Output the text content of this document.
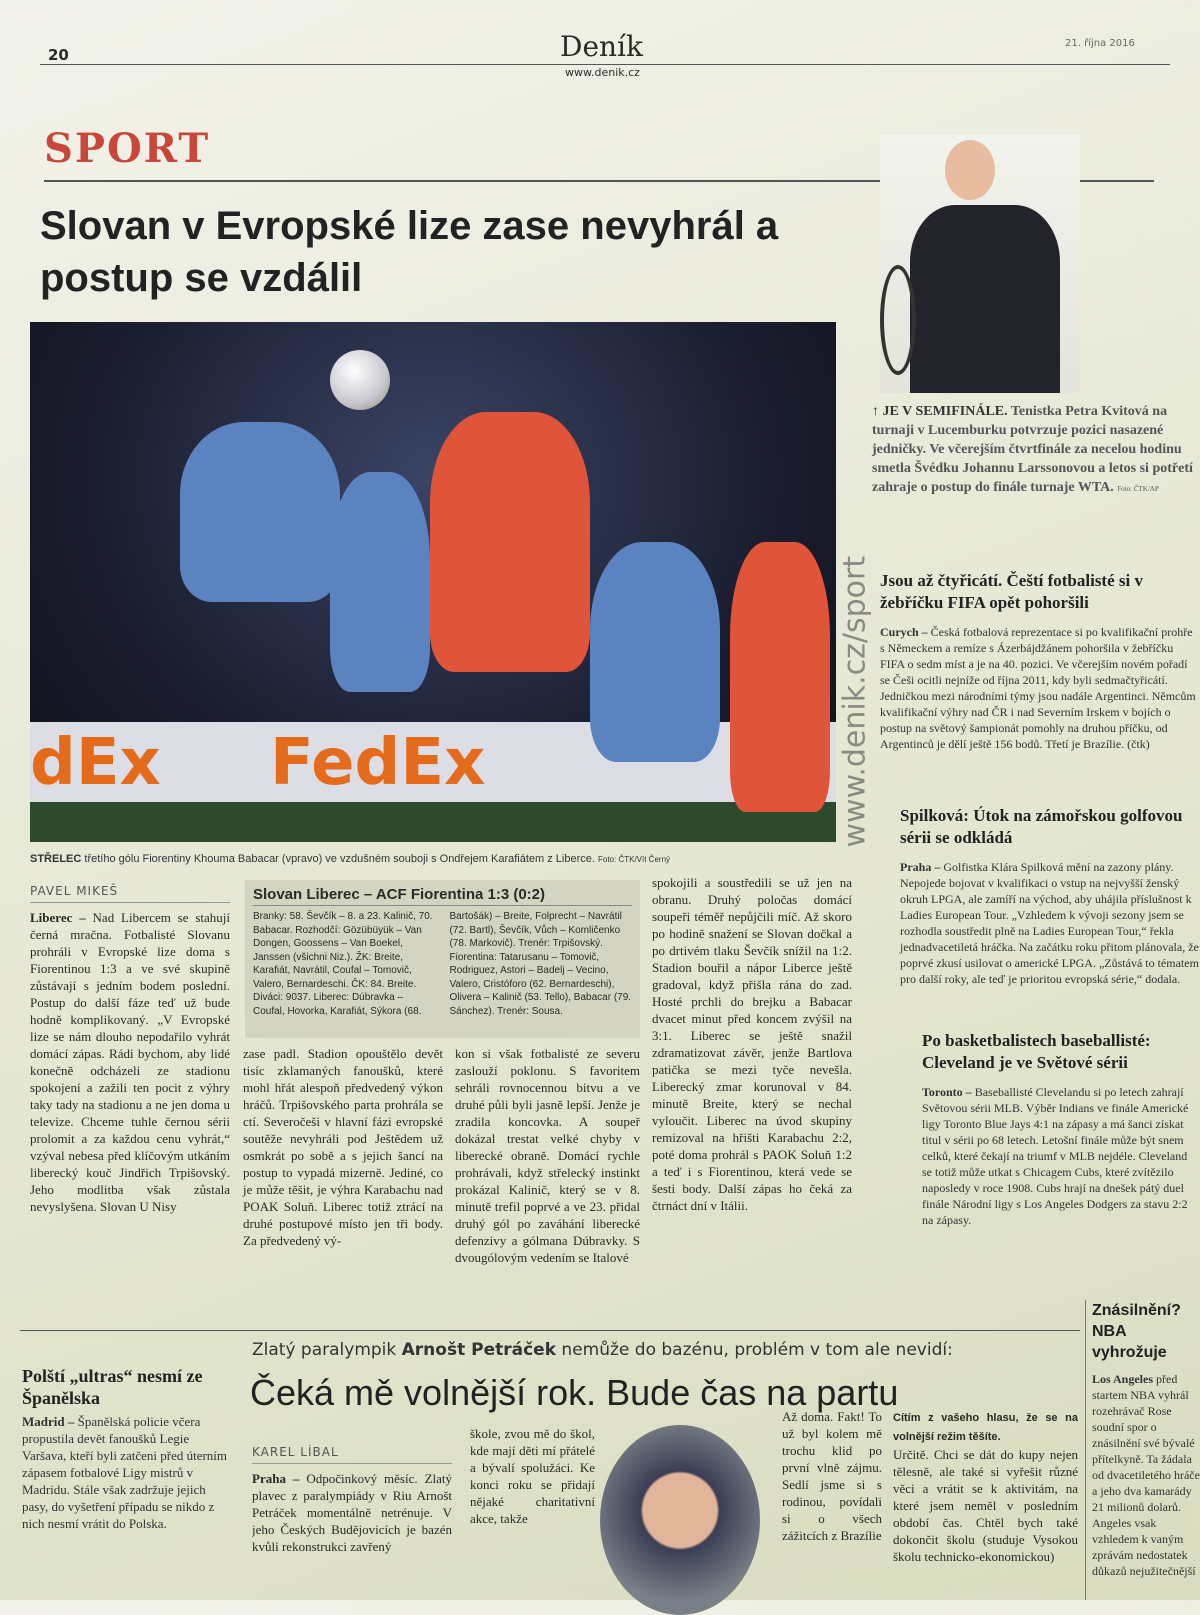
20	Deník
www.denik.cz
21. října 2016
SPORT
Slovan v Evropské lize zase nevyhrál a postup se vzdálil
dEx FedEx
STŘELEC třetího gólu Fiorentiny Khouma Babacar (vpravo) ve vzdušném souboji s Ondřejem Karafiátem z Liberce. Foto: ČTK/Vít Černý
PAVEL MIKEŠ
Liberec – Nad Libercem se stahují černá mračna. Fotbalisté Slovanu prohráli v Evropské lize doma s Fiorentinou 1:3 a ve své skupině zůstávají s jedním bodem poslední. Postup do další fáze teď už bude hodně komplikovaný. „V Evropské lize se nám dlouho nepodařilo vyhrát domácí zápas. Rádi bychom, aby lidé konečně odcházeli ze stadionu spokojení a zažili ten pocit z výhry taky tady na stadionu a ne jen doma u televize. Chceme tuhle černou sérii prolomit a za každou cenu vyhrát,“ vzýval nebesa před klíčovým utkáním liberecký kouč Jindřich Trpišovský. Jeho modlitba však zůstala nevyslyšena. Slovan U Nisy
Slovan Liberec – ACF Fiorentina 1:3 (0:2)
Branky: 58. Ševčík – 8. a 23. Kalinič, 70. Babacar. Rozhodčí: Gözübüyük – Van Dongen, Goossens – Van Boekel, Janssen (všichni Niz.). ŽK: Breite, Karafiát, Navrátil, Coufal – Tomovič, Valero, Bernardeschi. ČK: 84. Breite. Diváci: 9037. Liberec: Dúbravka – Coufal, Hovorka, Karafiát, Sýkora (68. Bartošák) – Breite, Folprecht – Navrátil (72. Bartl), Ševčík, Vůch – Komličenko (78. Markovič). Trenér: Trpišovský. Fiorentina: Tatarusanu – Tomovič, Rodriguez, Astori – Badelj – Vecino, Valero, Cristóforo (62. Bernardeschi), Olivera – Kalinič (53. Tello), Babacar (79. Sánchez). Trenér: Sousa.
zase padl. Stadion opouštělo devět tisíc zklamaných fanoušků, které mohl hřát alespoň předvedený výkon hráčů. Trpišovského parta prohrála se ctí. Severočeši v hlavní fázi evropské soutěže nevyhráli pod Ještědem už osmkrát po sobě a s jejich šancí na postup to vypadá mizerně. Jediné, co je může těšit, je výhra Karabachu nad POAK Soluň. Liberec totiž ztrácí na druhé postupové místo jen tři body. Za předvedený vý-
kon si však fotbalisté ze severu zaslouží poklonu. S favoritem sehráli rovnocennou bitvu a ve druhé půli byli jasně lepší. Jenže je zradila koncovka. A soupeř dokázal trestat velké chyby v liberecké obraně. Domácí rychle prohrávali, když střelecký instinkt prokázal Kalinič, který se v 8. minutě trefil poprvé a ve 23. přidal druhý gól po zaváhání liberecké defenzivy a gólmana Dúbravky. S dvougólovým vedením se Italové
spokojili a soustředili se už jen na obranu. Druhý poločas domácí soupeři téměř nepůjčili míč. Až skoro po hodině snažení se Slovan dočkal a po drtivém tlaku Ševčík snížil na 1:2. Stadion bouřil a nápor Liberce ještě gradoval, když přišla rána do zad. Hosté prchli do brejku a Babacar dvacet minut před koncem zvýšil na 3:1. Liberec se ještě snažil zdramatizovat závěr, jenže Bartlova patička se mezi tyče nevešla. Liberecký zmar korunoval v 84. minutě Breite, který se nechal vyloučit. Liberec na úvod skupiny remizoval na hřišti Karabachu 2:2, poté doma prohrál s PAOK Soluň 1:2 a teď i s Fiorentinou, která vede se šesti body. Další zápas ho čeká za čtrnáct dní v Itálii.
↑ JE V SEMIFINÁLE. Tenistka Petra Kvitová na turnaji v Lucemburku potvrzuje pozici nasazené jedničky. Ve včerejším čtvrtfinále za necelou hodinu smetla Švédku Johannu Larssonovou a letos si potřetí zahraje o postup do finále turnaje WTA. Foto: ČTK/AP
www.denik.cz/sport Jsou až čtyřicátí. Čeští fotbalisté si v žebříčku FIFA opět pohoršili
Curych – Česká fotbalová reprezentace si po kvalifikační prohře s Německem a remíze s Ázerbájdžánem pohoršila v žebříčku FIFA o sedm míst a je na 40. pozici. Ve včerejším novém pořadí se Češi ocitli nejníže od října 2011, kdy byli sedmačtyřicátí. Jedničkou mezi národními týmy jsou nadále Argentinci. Němcům kvalifikační výhry nad ČR i nad Severním Irskem v bojích o postup na světový šampionát pomohly na druhou příčku, od Argentinců je dělí ještě 156 bodů. Třetí je Brazílie. (čtk)
Spilková: Útok na zámořskou golfovou sérii se odkládá
Praha – Golfistka Klára Spilková mění na zazony plány. Nepojede bojovat v kvalifikaci o vstup na nejvyšší ženský okruh LPGA, ale zamíří na východ, aby uhájila příslušnost k Ladies European Tour. „Vzhledem k vývoji sezony jsem se rozhodla soustředit plně na Ladies European Tour,“ řekla jednadvacetiletá hráčka. Na začátku roku přitom plánovala, že poprvé zkusí usilovat o americké LPGA. „Zůstává to tématem pro další roky, ale teď je prioritou evropská série,“ dodala.
Po basketbalistech baseballisté: Cleveland je ve Světové sérii
Toronto – Baseballisté Clevelandu si po letech zahrají Světovou sérii MLB. Výběr Indians ve finále Americké ligy Toronto Blue Jays 4:1 na zápasy a má šanci získat titul v sérii po 68 letech. Letošní finále může být snem celků, které čekají na triumf v MLB nejdéle. Cleveland se totiž může utkat s Chicagem Cubs, které zvítězilo naposledy v roce 1908. Cubs hrají na dnešek pátý duel finále Národní ligy s Los Angeles Dodgers za stavu 2:2 na zápasy.
Polští „ultras“ nesmí ze Španělska
Madrid – Španělská policie včera propustila devět fanoušků Legie Varšava, kteří byli zatčeni před úterním zápasem fotbalové Ligy mistrů v Madridu. Stále však zadržuje jejich pasy, do vyšetření případu se nikdo z nich nesmí vrátit do Polska.
Zlatý paralympik Arnošt Petráček nemůže do bazénu, problém v tom ale nevidí:
Čeká mě volnější rok. Bude čas na partu
KAREL LÍBAL
Praha – Odpočinkový měsíc. Zlatý plavec z paralympiády v Riu Arnošt Petráček momentálně netrénuje. V jeho Českých Budějovicích je bazén kvůli rekonstrukci zavřený
škole, zvou mě do škol, kde mají děti mí přátelé a bývalí spolužáci. Ke konci roku se přidají nějaké charitativní akce, takže
Až doma. Fakt! To už byl kolem mě trochu klid po první vlně zájmu. Sedlí jsme si s rodinou, povídali si o všech zážitcích z Brazílie
Cítím z vašeho hlasu, že se na volnější režim těšíte.
Určitě. Chci se dát do kupy nejen tělesně, ale také si vyřešit různé věci a vrátit se k aktivitám, na které jsem neměl v posledním období čas. Chtěl bych také dokončit školu (studuje Vysokou školu technicko-ekonomickou)
Znásilnění? NBA vyhrožuje
Los Angeles před startem NBA vyhrál rozehrávač Rose soudní spor o znásilnění své bývalé přítelkyně. Ta žádala od dvacetiletého hráče a jeho dva kamarády 21 milionů dolarů. Angeles vsak vzhledem k vaným zprávám nedostatek důkazů nejužitečnější
